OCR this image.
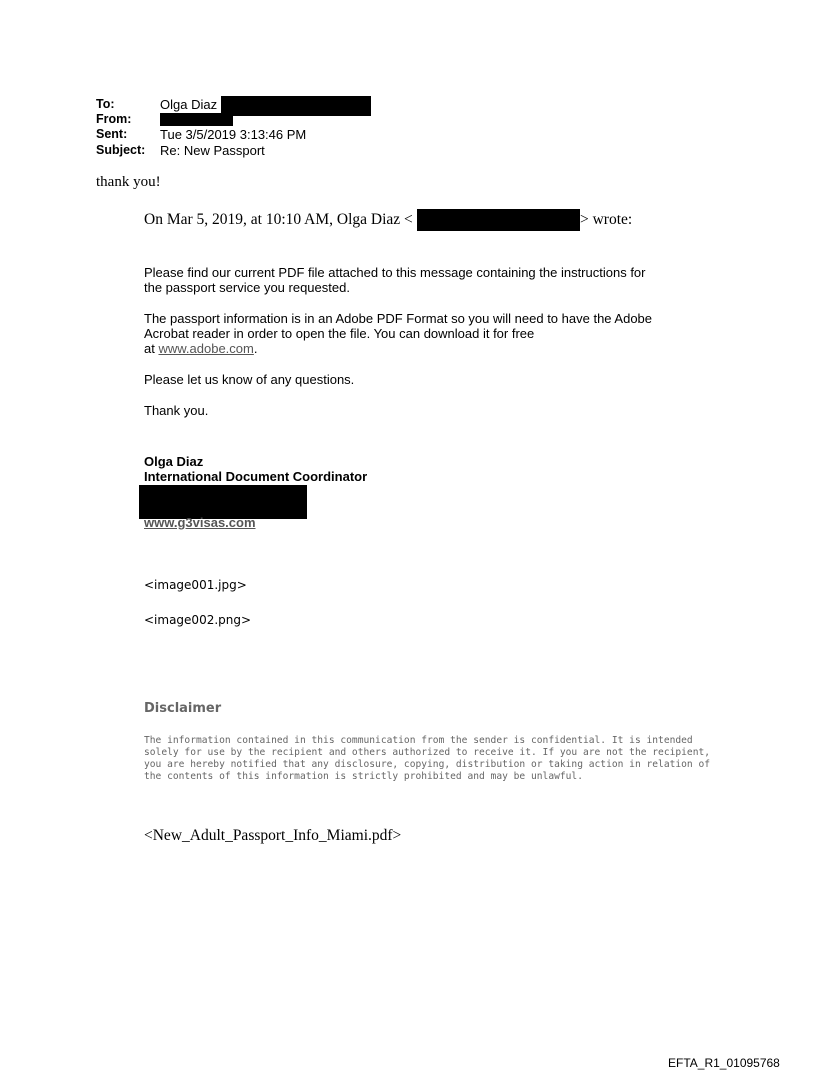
To:	Olga Diaz
From:
Sent:	Tue 3/5/2019 3:13:46 PM
Subject: Re: New Passport
thank you!
On Mar 5, 2019, at 10:10 AM, Olga Diaz <	> wrote:
Please find our current PDF file attached to this message containing the instructions for
the passport service you requested.
The passport information is in an Adobe PDF Format so you will need to have the Adobe
Acrobat reader in order to open the file. You can download it for free
at www.adobe.com.
Please let us know of any questions.
Thank you.
Olga Diaz
International Document Coordinator
www.g3visas.com
<image001.jpg>
<image002.png>
Disclaimer
The information contained in this communication from the sender is confidential. It is intended
solely for use by the recipient and others authorized to receive it. If you are not the recipient,
you are hereby notified that any disclosure, copying, distribution or taking action in relation of
the contents of this information is strictly prohibited and may be unlawful.
<New_Adult_Passport_Info_Miami.pdf>
EFTA_R1_01095768
